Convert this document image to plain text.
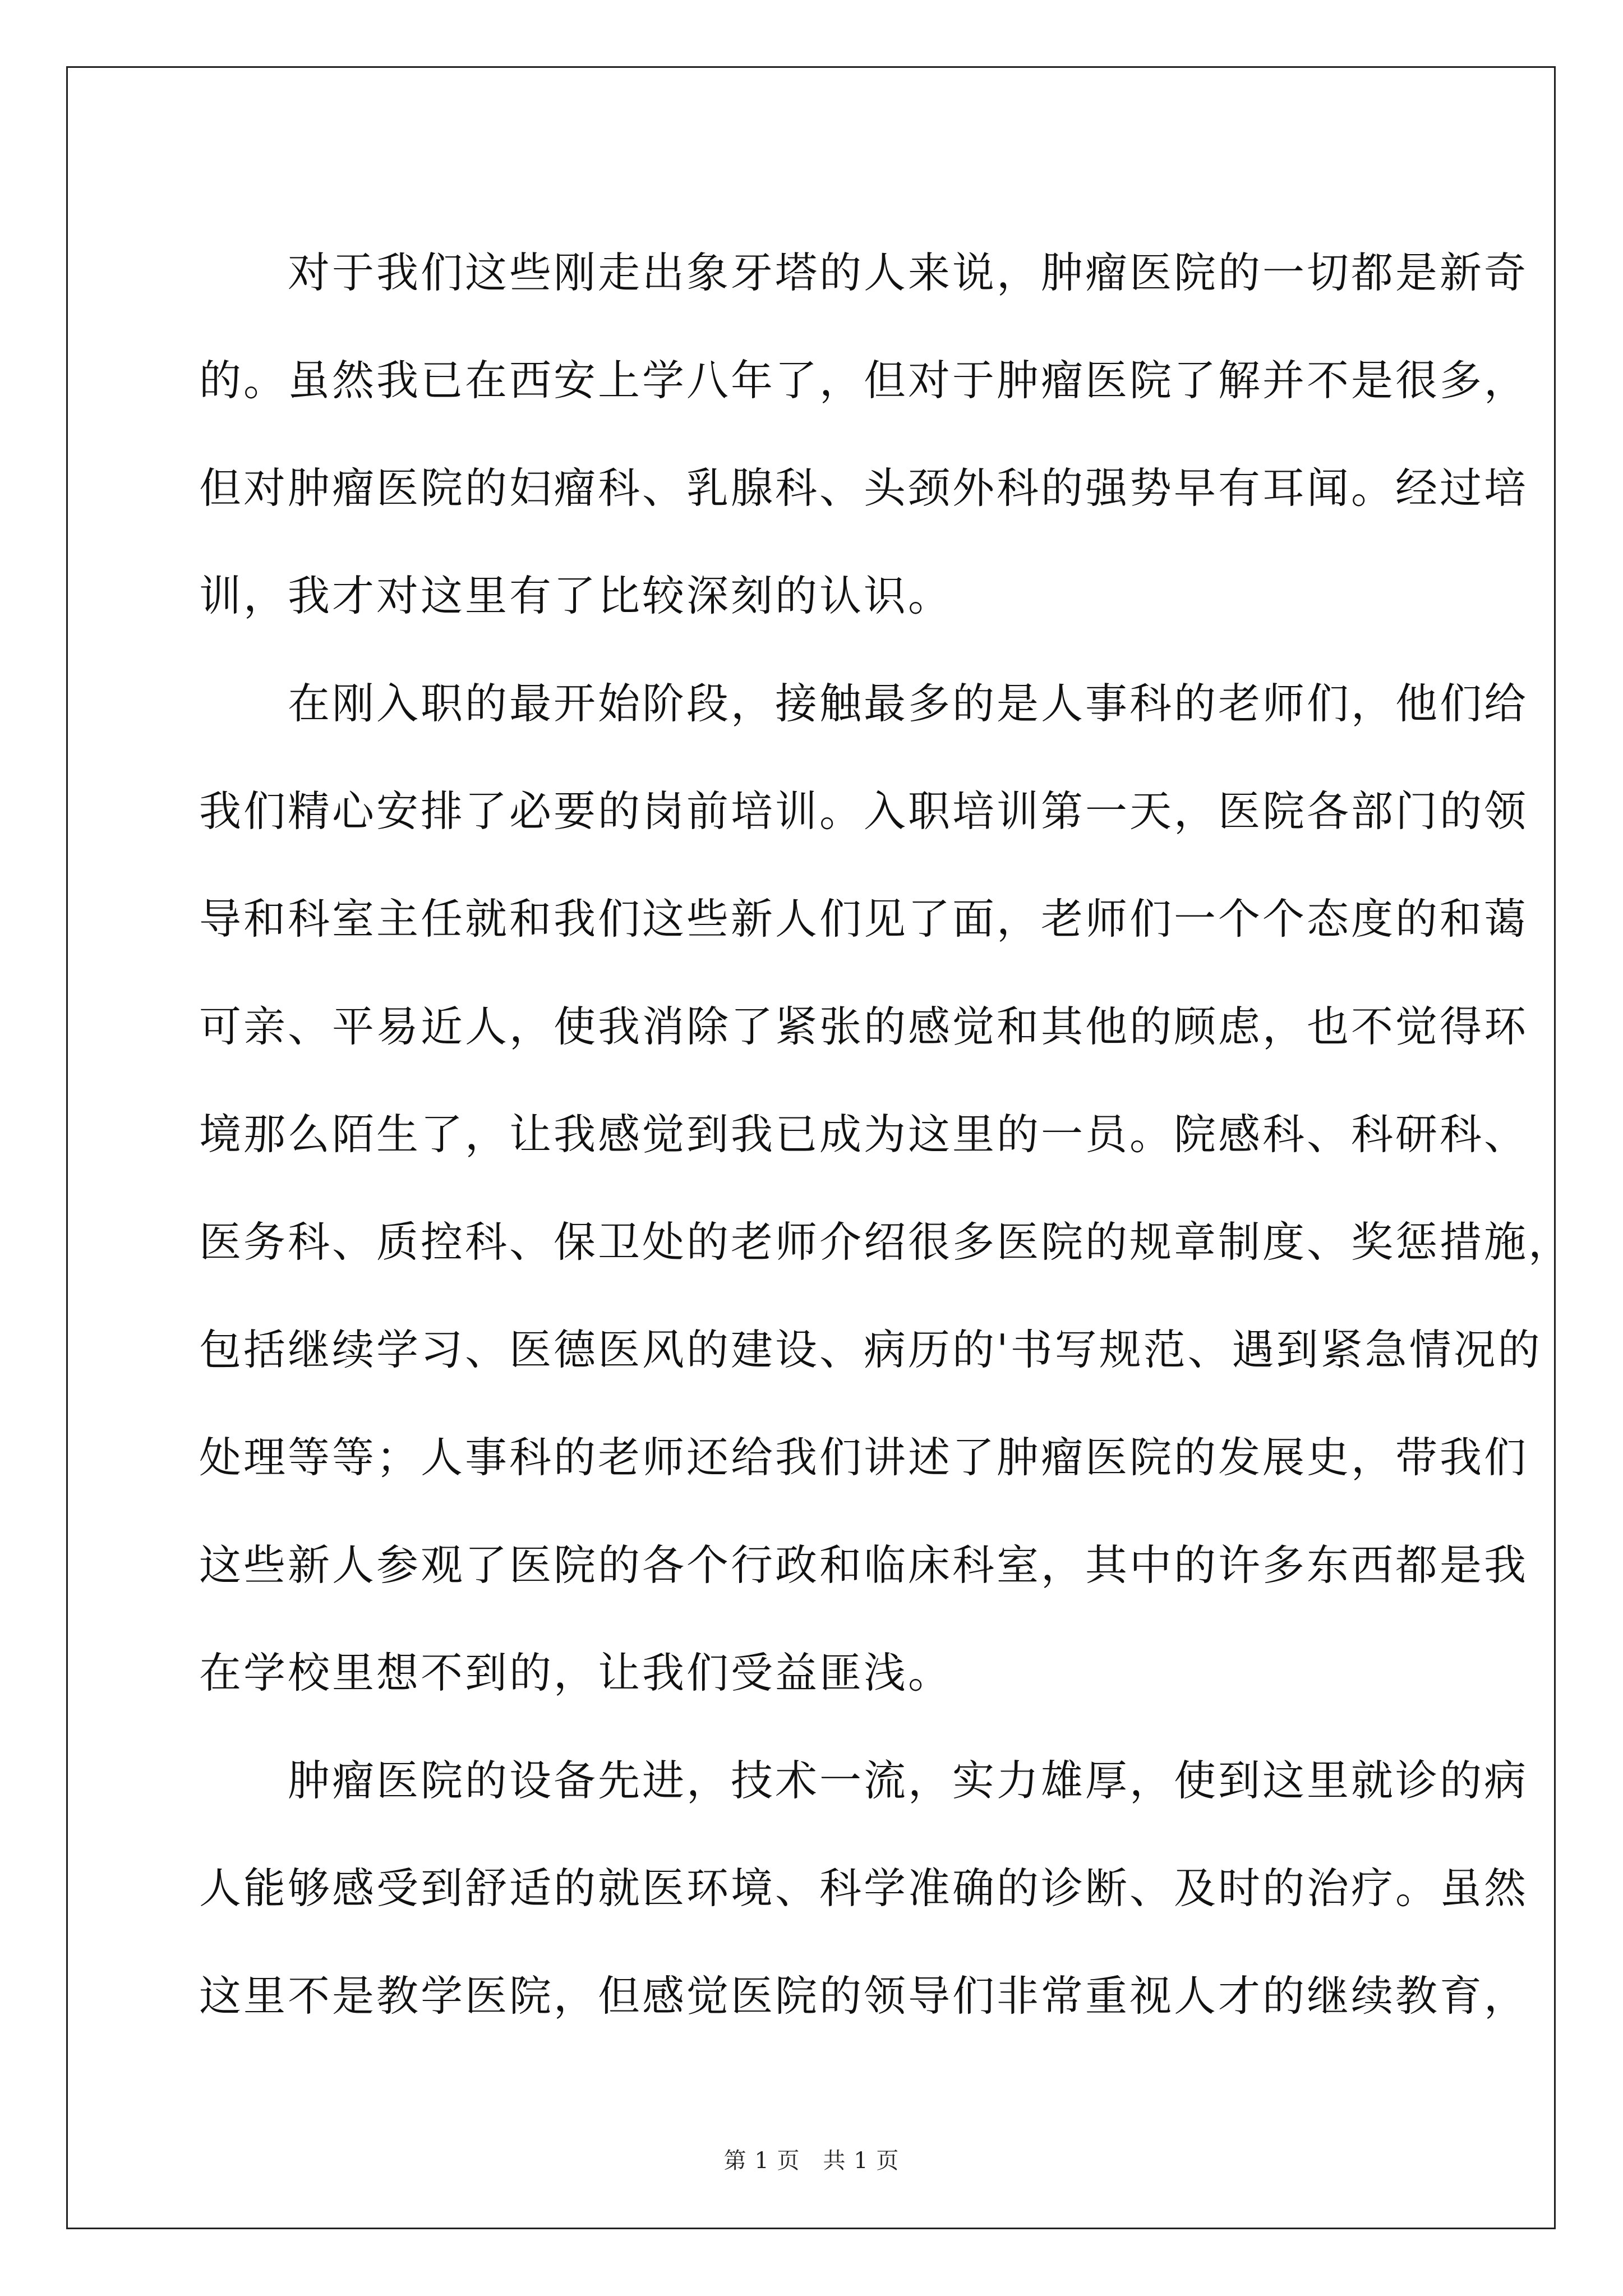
　　对于我们这些刚走出象牙塔的人来说，肿瘤医院的一切都是新奇
的。虽然我已在西安上学八年了，但对于肿瘤医院了解并不是很多，
但对肿瘤医院的妇瘤科、乳腺科、头颈外科的强势早有耳闻。经过培
训，我才对这里有了比较深刻的认识。
　　在刚入职的最开始阶段，接触最多的是人事科的老师们，他们给
我们精心安排了必要的岗前培训。入职培训第一天，医院各部门的领
导和科室主任就和我们这些新人们见了面，老师们一个个态度的和蔼
可亲、平易近人，使我消除了紧张的感觉和其他的顾虑，也不觉得环
境那么陌生了，让我感觉到我已成为这里的一员。院感科、科研科、
医务科、质控科、保卫处的老师介绍很多医院的规章制度、奖惩措施，
包括继续学习、医德医风的建设、病历的'书写规范、遇到紧急情况的
处理等等；人事科的老师还给我们讲述了肿瘤医院的发展史，带我们
这些新人参观了医院的各个行政和临床科室，其中的许多东西都是我
在学校里想不到的，让我们受益匪浅。
　　肿瘤医院的设备先进，技术一流，实力雄厚，使到这里就诊的病
人能够感受到舒适的就医环境、科学准确的诊断、及时的治疗。虽然
这里不是教学医院，但感觉医院的领导们非常重视人才的继续教育，
第 1 页　共 1 页
